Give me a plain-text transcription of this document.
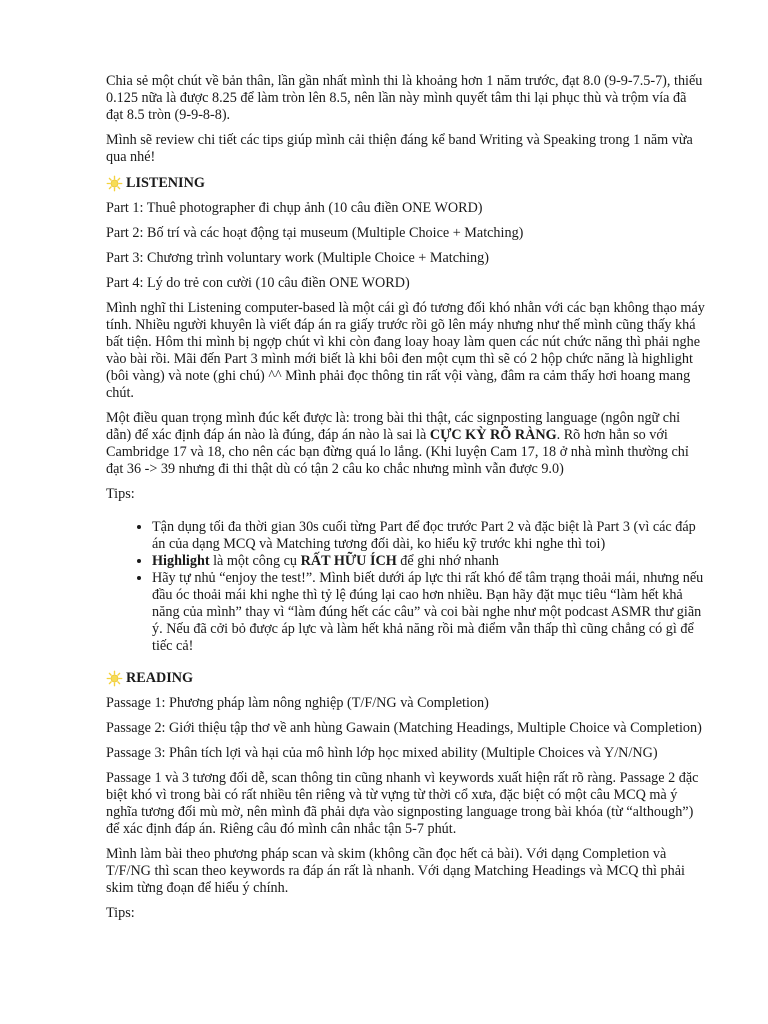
Chia sẻ một chút về bản thân, lần gần nhất mình thi là khoảng hơn 1 năm trước, đạt 8.0 (9-9-7.5-7), thiếu 0.125 nữa là được 8.25 để làm tròn lên 8.5, nên lần này mình quyết tâm thi lại phục thù và trộm vía đã đạt 8.5 tròn (9-9-8-8).

Mình sẽ review chi tiết các tips giúp mình cải thiện đáng kể band Writing và Speaking trong 1 năm vừa qua nhé!

LISTENING

Part 1: Thuê photographer đi chụp ảnh (10 câu điền ONE WORD)

Part 2: Bố trí và các hoạt động tại museum (Multiple Choice + Matching)

Part 3: Chương trình voluntary work (Multiple Choice + Matching)

Part 4: Lý do trẻ con cười (10 câu điền ONE WORD)

Mình nghĩ thi Listening computer-based là một cái gì đó tương đối khó nhằn với các bạn không thạo máy tính. Nhiều người khuyên là viết đáp án ra giấy trước rồi gõ lên máy nhưng như thế mình cũng thấy khá bất tiện. Hôm thi mình bị ngợp chút vì khi còn đang loay hoay làm quen các nút chức năng thì phải nghe vào bài rồi. Mãi đến Part 3 mình mới biết là khi bôi đen một cụm thì sẽ có 2 hộp chức năng là highlight (bôi vàng) và note (ghi chú) ^^ Mình phải đọc thông tin rất vội vàng, đâm ra cảm thấy hơi hoang mang chút.

Một điều quan trọng mình đúc kết được là: trong bài thi thật, các signposting language (ngôn ngữ chỉ dẫn) để xác định đáp án nào là đúng, đáp án nào là sai là CỰC KỲ RÕ RÀNG. Rõ hơn hẳn so với Cambridge 17 và 18, cho nên các bạn đừng quá lo lắng. (Khi luyện Cam 17, 18 ở nhà mình thường chỉ đạt 36 -> 39 nhưng đi thi thật dù có tận 2 câu ko chắc nhưng mình vẫn được 9.0)

Tips:
• Tận dụng tối đa thời gian 30s cuối từng Part để đọc trước Part 2 và đặc biệt là Part 3 (vì các đáp án của dạng MCQ và Matching tương đối dài, ko hiểu kỹ trước khi nghe thì toi)
• Highlight là một công cụ RẤT HỮU ÍCH để ghi nhớ nhanh
• Hãy tự nhủ “enjoy the test!”. Mình biết dưới áp lực thi rất khó để tâm trạng thoải mái, nhưng nếu đầu óc thoải mái khi nghe thì tỷ lệ đúng lại cao hơn nhiều. Bạn hãy đặt mục tiêu “làm hết khả năng của mình” thay vì “làm đúng hết các câu” và coi bài nghe như một podcast ASMR thư giãn ý. Nếu đã cởi bỏ được áp lực và làm hết khả năng rồi mà điểm vẫn thấp thì cũng chẳng có gì để tiếc cả!
READING

Passage 1: Phương pháp làm nông nghiệp (T/F/NG và Completion)

Passage 2: Giới thiệu tập thơ về anh hùng Gawain (Matching Headings, Multiple Choice và Completion)

Passage 3: Phân tích lợi và hại của mô hình lớp học mixed ability (Multiple Choices và Y/N/NG)

Passage 1 và 3 tương đối dễ, scan thông tin cũng nhanh vì keywords xuất hiện rất rõ ràng. Passage 2 đặc biệt khó vì trong bài có rất nhiều tên riêng và từ vựng từ thời cổ xưa, đặc biệt có một câu MCQ mà ý nghĩa tương đối mù mờ, nên mình đã phải dựa vào signposting language trong bài khóa (từ “although”) để xác định đáp án. Riêng câu đó mình cân nhắc tận 5-7 phút.

Mình làm bài theo phương pháp scan và skim (không cần đọc hết cả bài). Với dạng Completion và T/F/NG thì scan theo keywords ra đáp án rất là nhanh. Với dạng Matching Headings và MCQ thì phải skim từng đoạn để hiểu ý chính.

Tips:
